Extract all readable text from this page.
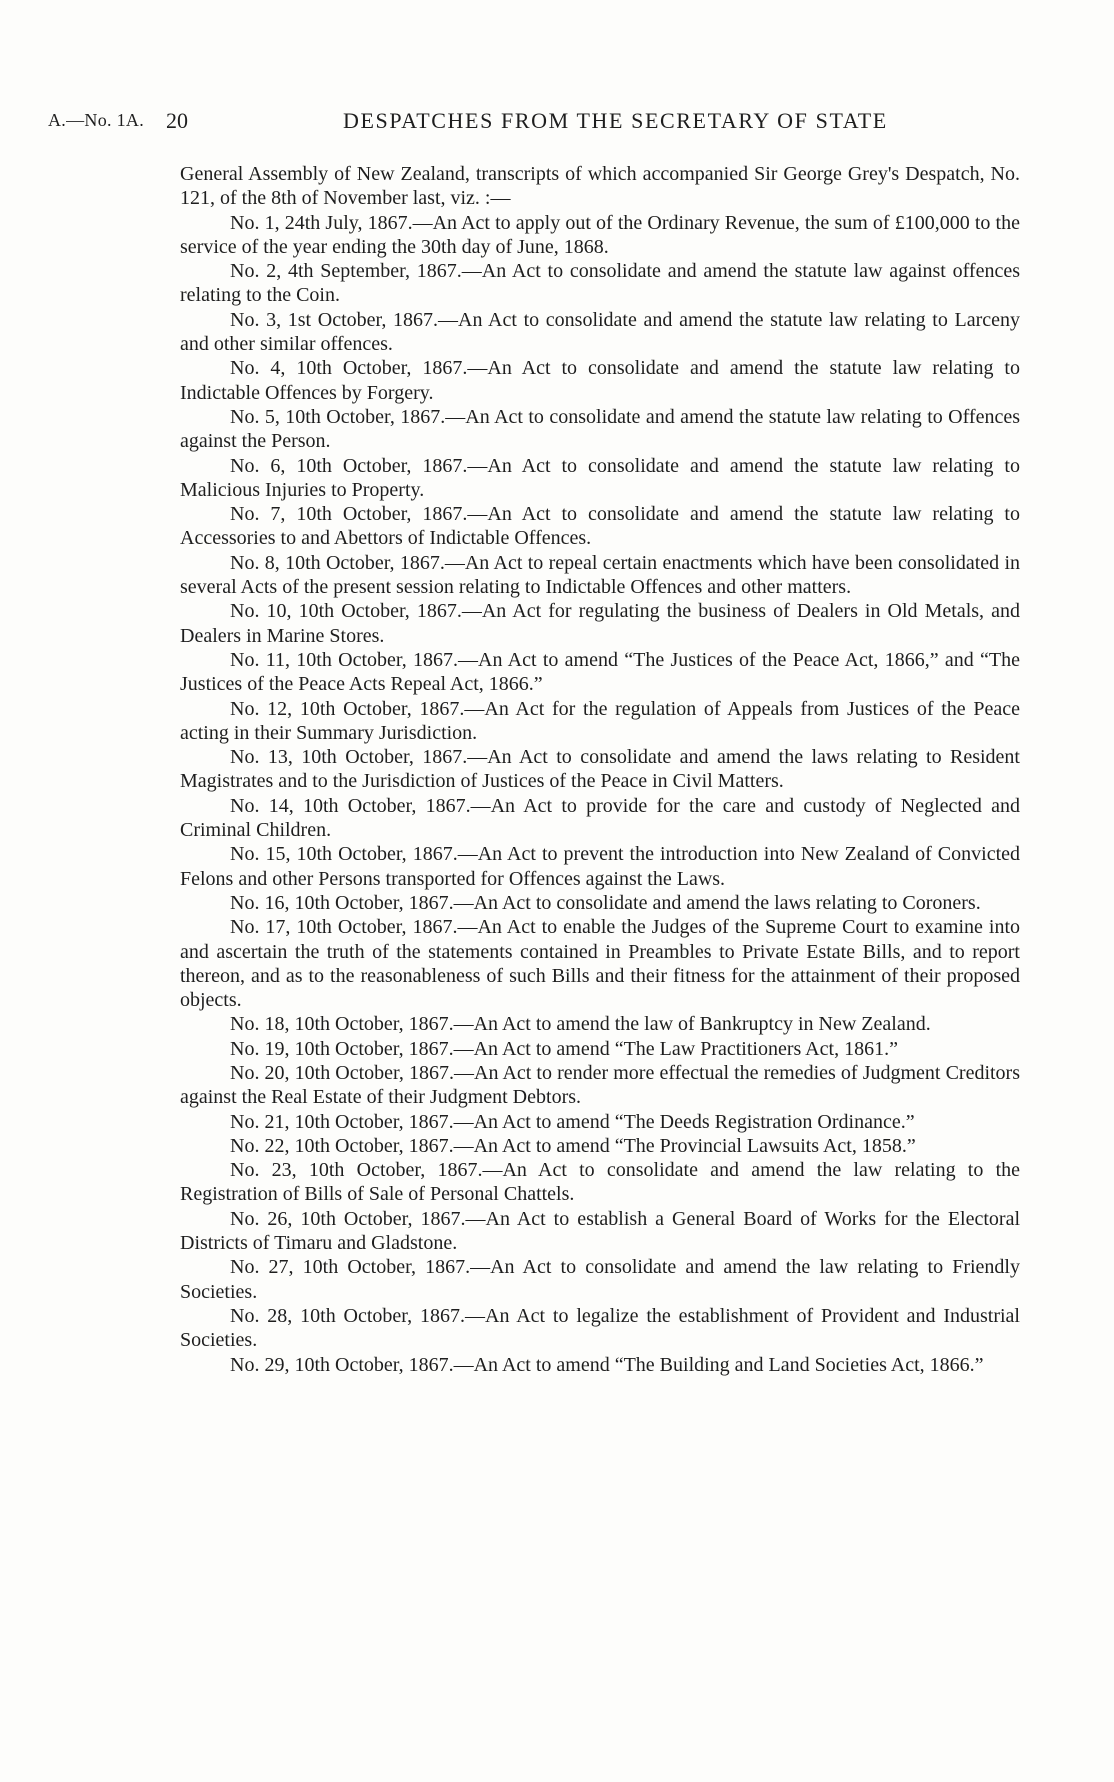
A.—No. 1A. 20	DESPATCHES FROM THE SECRETARY OF STATE

General Assembly of New Zealand, transcripts of which accompanied Sir George Grey's Despatch, No. 121, of the 8th of November last, viz. :—

No. 1, 24th July, 1867.—An Act to apply out of the Ordinary Revenue, the sum of £100,000 to the service of the year ending the 30th day of June, 1868.

No. 2, 4th September, 1867.—An Act to consolidate and amend the statute law against offences relating to the Coin.

No. 3, 1st October, 1867.—An Act to consolidate and amend the statute law relating to Larceny and other similar offences.

No. 4, 10th October, 1867.—An Act to consolidate and amend the statute law relating to Indictable Offences by Forgery.

No. 5, 10th October, 1867.—An Act to consolidate and amend the statute law relating to Offences against the Person.

No. 6, 10th October, 1867.—An Act to consolidate and amend the statute law relating to Malicious Injuries to Property.

No. 7, 10th October, 1867.—An Act to consolidate and amend the statute law relating to Accessories to and Abettors of Indictable Offences.

No. 8, 10th October, 1867.—An Act to repeal certain enactments which have been consolidated in several Acts of the present session relating to Indictable Offences and other matters.

No. 10, 10th October, 1867.—An Act for regulating the business of Dealers in Old Metals, and Dealers in Marine Stores.

No. 11, 10th October, 1867.—An Act to amend “The Justices of the Peace Act, 1866,” and “The Justices of the Peace Acts Repeal Act, 1866.”

No. 12, 10th October, 1867.—An Act for the regulation of Appeals from Justices of the Peace acting in their Summary Jurisdiction.

No. 13, 10th October, 1867.—An Act to consolidate and amend the laws relating to Resident Magistrates and to the Jurisdiction of Justices of the Peace in Civil Matters.

No. 14, 10th October, 1867.—An Act to provide for the care and custody of Neglected and Criminal Children.

No. 15, 10th October, 1867.—An Act to prevent the introduction into New Zealand of Convicted Felons and other Persons transported for Offences against the Laws.

No. 16, 10th October, 1867.—An Act to consolidate and amend the laws relating to Coroners.

No. 17, 10th October, 1867.—An Act to enable the Judges of the Supreme Court to examine into and ascertain the truth of the statements contained in Preambles to Private Estate Bills, and to report thereon, and as to the reasonableness of such Bills and their fitness for the attainment of their proposed objects.

No. 18, 10th October, 1867.—An Act to amend the law of Bankruptcy in New Zealand.

No. 19, 10th October, 1867.—An Act to amend “The Law Practitioners Act, 1861.”

No. 20, 10th October, 1867.—An Act to render more effectual the remedies of Judgment Creditors against the Real Estate of their Judgment Debtors.

No. 21, 10th October, 1867.—An Act to amend “The Deeds Registration Ordinance.”

No. 22, 10th October, 1867.—An Act to amend “The Provincial Lawsuits Act, 1858.”

No. 23, 10th October, 1867.—An Act to consolidate and amend the law relating to the Registration of Bills of Sale of Personal Chattels.

No. 26, 10th October, 1867.—An Act to establish a General Board of Works for the Electoral Districts of Timaru and Gladstone.

No. 27, 10th October, 1867.—An Act to consolidate and amend the law relating to Friendly Societies.

No. 28, 10th October, 1867.—An Act to legalize the establishment of Provident and Industrial Societies.

No. 29, 10th October, 1867.—An Act to amend “The Building and Land Societies Act, 1866.”
